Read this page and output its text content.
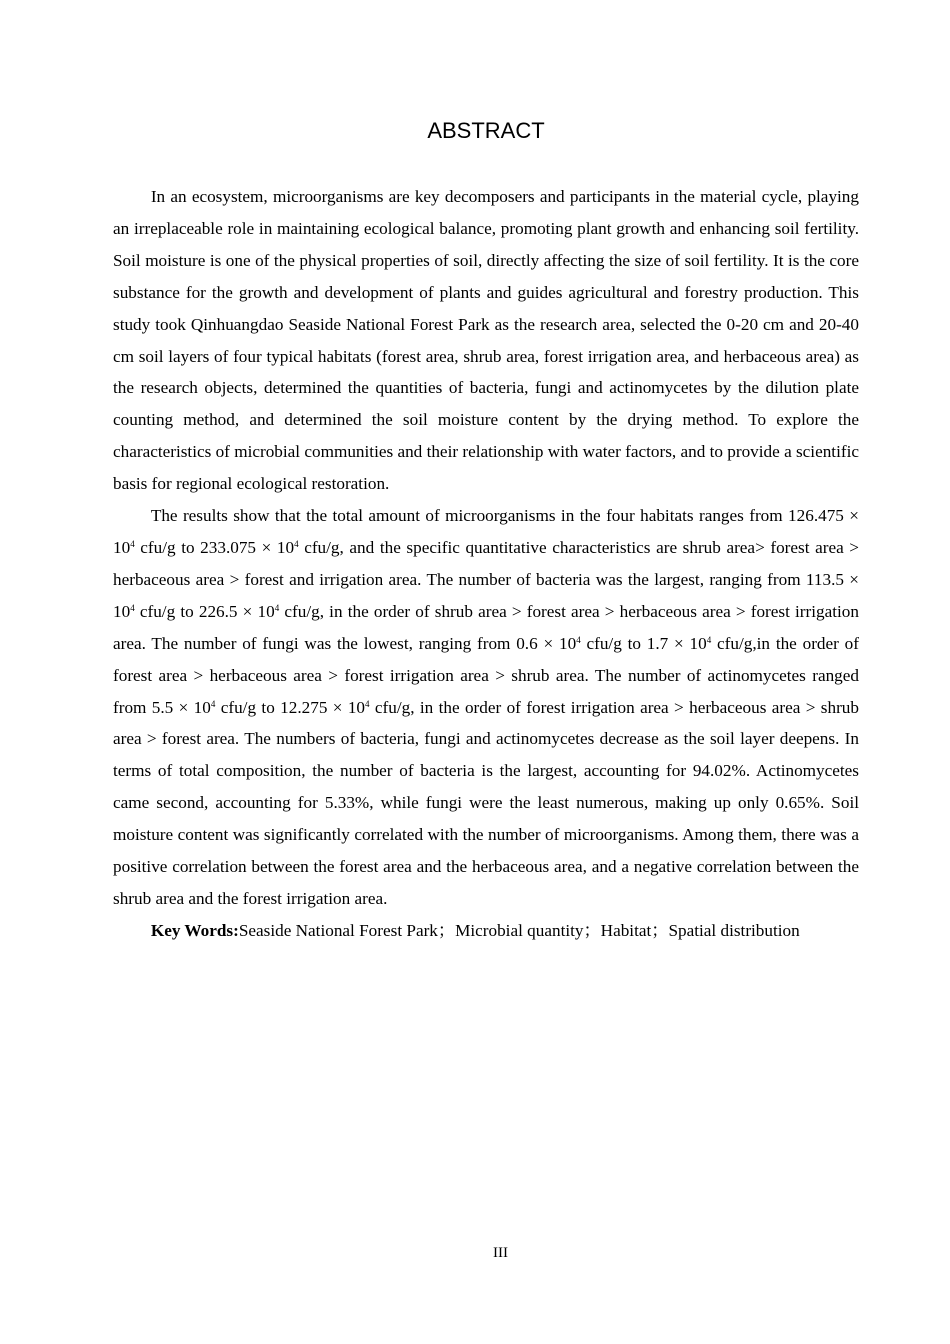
ABSTRACT

In an ecosystem, microorganisms are key decomposers and participants in the material cycle, playing an irreplaceable role in maintaining ecological balance, promoting plant growth and enhancing soil fertility. Soil moisture is one of the physical properties of soil, directly affecting the size of soil fertility. It is the core substance for the growth and development of plants and guides agricultural and forestry production. This study took Qinhuangdao Seaside National Forest Park as the research area, selected the 0-20 cm and 20-40 cm soil layers of four typical habitats (forest area, shrub area, forest irrigation area, and herbaceous area) as the research objects, determined the quantities of bacteria, fungi and actinomycetes by the dilution plate counting method, and determined the soil moisture content by the drying method. To explore the characteristics of microbial communities and their relationship with water factors, and to provide a scientific basis for regional ecological restoration.

The results show that the total amount of microorganisms in the four habitats ranges from $126.475 \times 10^4$ cfu/g to $233.075 \times 10^4$ cfu/g, and the specific quantitative characteristics are shrub area> forest area > herbaceous area > forest and irrigation area. The number of bacteria was the largest, ranging from $113.5 \times 10^4$ cfu/g to $226.5 \times 10^4$ cfu/g, in the order of shrub area > forest area > herbaceous area > forest irrigation area. The number of fungi was the lowest, ranging from $0.6 \times 10^4$ cfu/g to $1.7 \times 10^4$ cfu/g,in the order of forest area > herbaceous area > forest irrigation area > shrub area. The number of actinomycetes ranged from $5.5 \times 10^4$ cfu/g to $12.275 \times 10^4$ cfu/g, in the order of forest irrigation area > herbaceous area > shrub area > forest area. The numbers of bacteria, fungi and actinomycetes decrease as the soil layer deepens. In terms of total composition, the number of bacteria is the largest, accounting for 94.02%. Actinomycetes came second, accounting for 5.33%, while fungi were the least numerous, making up only 0.65%. Soil moisture content was significantly correlated with the number of microorganisms. Among them, there was a positive correlation between the forest area and the herbaceous area, and a negative correlation between the shrub area and the forest irrigation area.

Key Words:Seaside National Forest Park；Microbial quantity；Habitat；Spatial distribution

III
